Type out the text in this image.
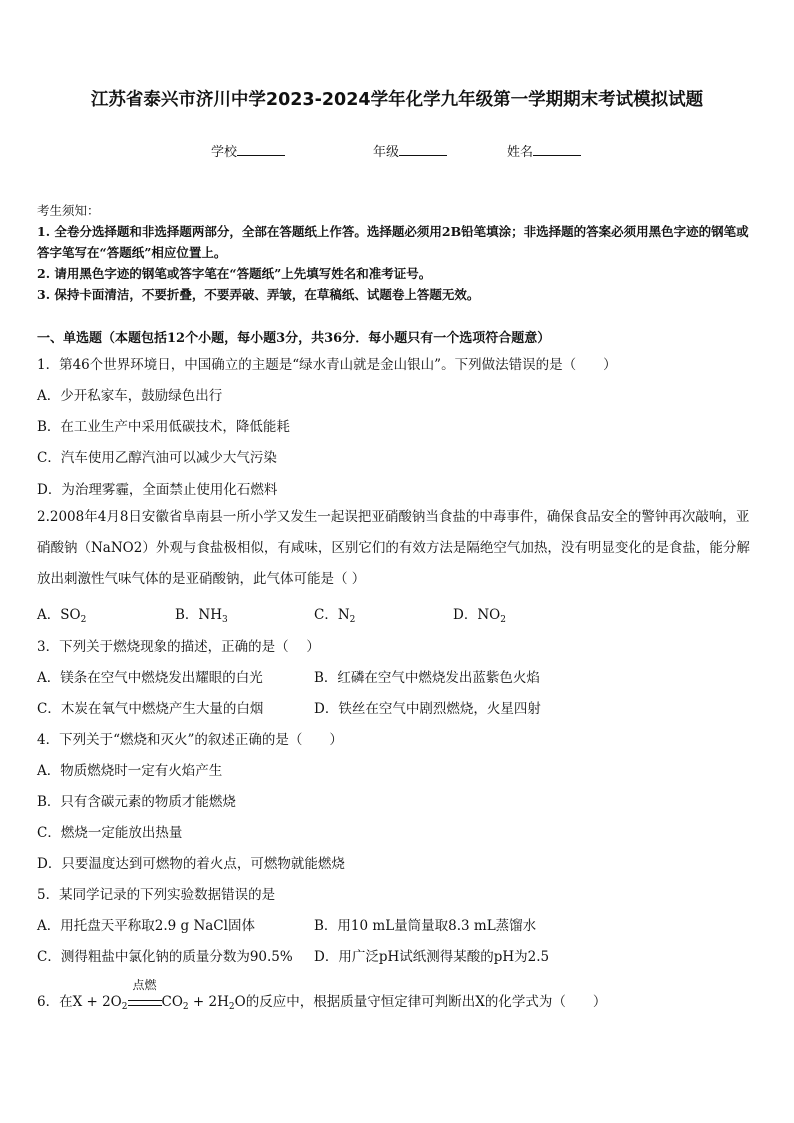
江苏省泰兴市济川中学2023-2024学年化学九年级第一学期期末考试模拟试题
学校	年级	姓名

考生须知：

1. 全卷分选择题和非选择题两部分，全部在答题纸上作答。选择题必须用2B铅笔填涂；非选择题的答案必须用黑色字迹的钢笔或答字笔写在“答题纸”相应位置上。

2. 请用黑色字迹的钢笔或答字笔在“答题纸”上先填写姓名和准考证号。

3. 保持卡面清洁，不要折叠，不要弄破、弄皱，在草稿纸、试题卷上答题无效。

一、单选题（本题包括12个小题，每小题3分，共36分．每小题只有一个选项符合题意）
1．第46个世界环境日，中国确立的主题是“绿水青山就是金山银山”。下列做法错误的是（　　）
A．少开私家车，鼓励绿色出行
B．在工业生产中采用低碳技术，降低能耗
C．汽车使用乙醇汽油可以减少大气污染
D．为治理雾霾，全面禁止使用化石燃料
2.2008年4月8日安徽省阜南县一所小学又发生一起误把亚硝酸钠当食盐的中毒事件，确保食品安全的警钟再次敲响，亚硝酸钠（NaNO2）外观与食盐极相似，有咸味，区别它们的有效方法是隔绝空气加热，没有明显变化的是食盐，能分解放出刺激性气味气体的是亚硝酸钠，此气体可能是（ ）
A．$SO_2$	B．$NH_3$	C．$N_2$	D．$NO_2$
3．下列关于燃烧现象的描述，正确的是（　 ）
A．镁条在空气中燃烧发出耀眼的白光	B．红磷在空气中燃烧发出蓝紫色火焰
C．木炭在氧气中燃烧产生大量的白烟	D．铁丝在空气中剧烈燃烧，火星四射
4．下列关于“燃烧和灭火”的叙述正确的是（　　）
A．物质燃烧时一定有火焰产生
B．只有含碳元素的物质才能燃烧
C．燃烧一定能放出热量
D．只要温度达到可燃物的着火点，可燃物就能燃烧
5．某同学记录的下列实验数据错误的是
A．用托盘天平称取2.9 g NaCl固体	B．用10 mL量筒量取8.3 mL蒸馏水
C．测得粗盐中氯化钠的质量分数为90.5% D．用广泛pH试纸测得某酸的pH为2.5
6．在$X + 2O_2$
点燃
$CO_2 + 2H_2O$的反应中，根据质量守恒定律可判断出X的化学式为（　　）
